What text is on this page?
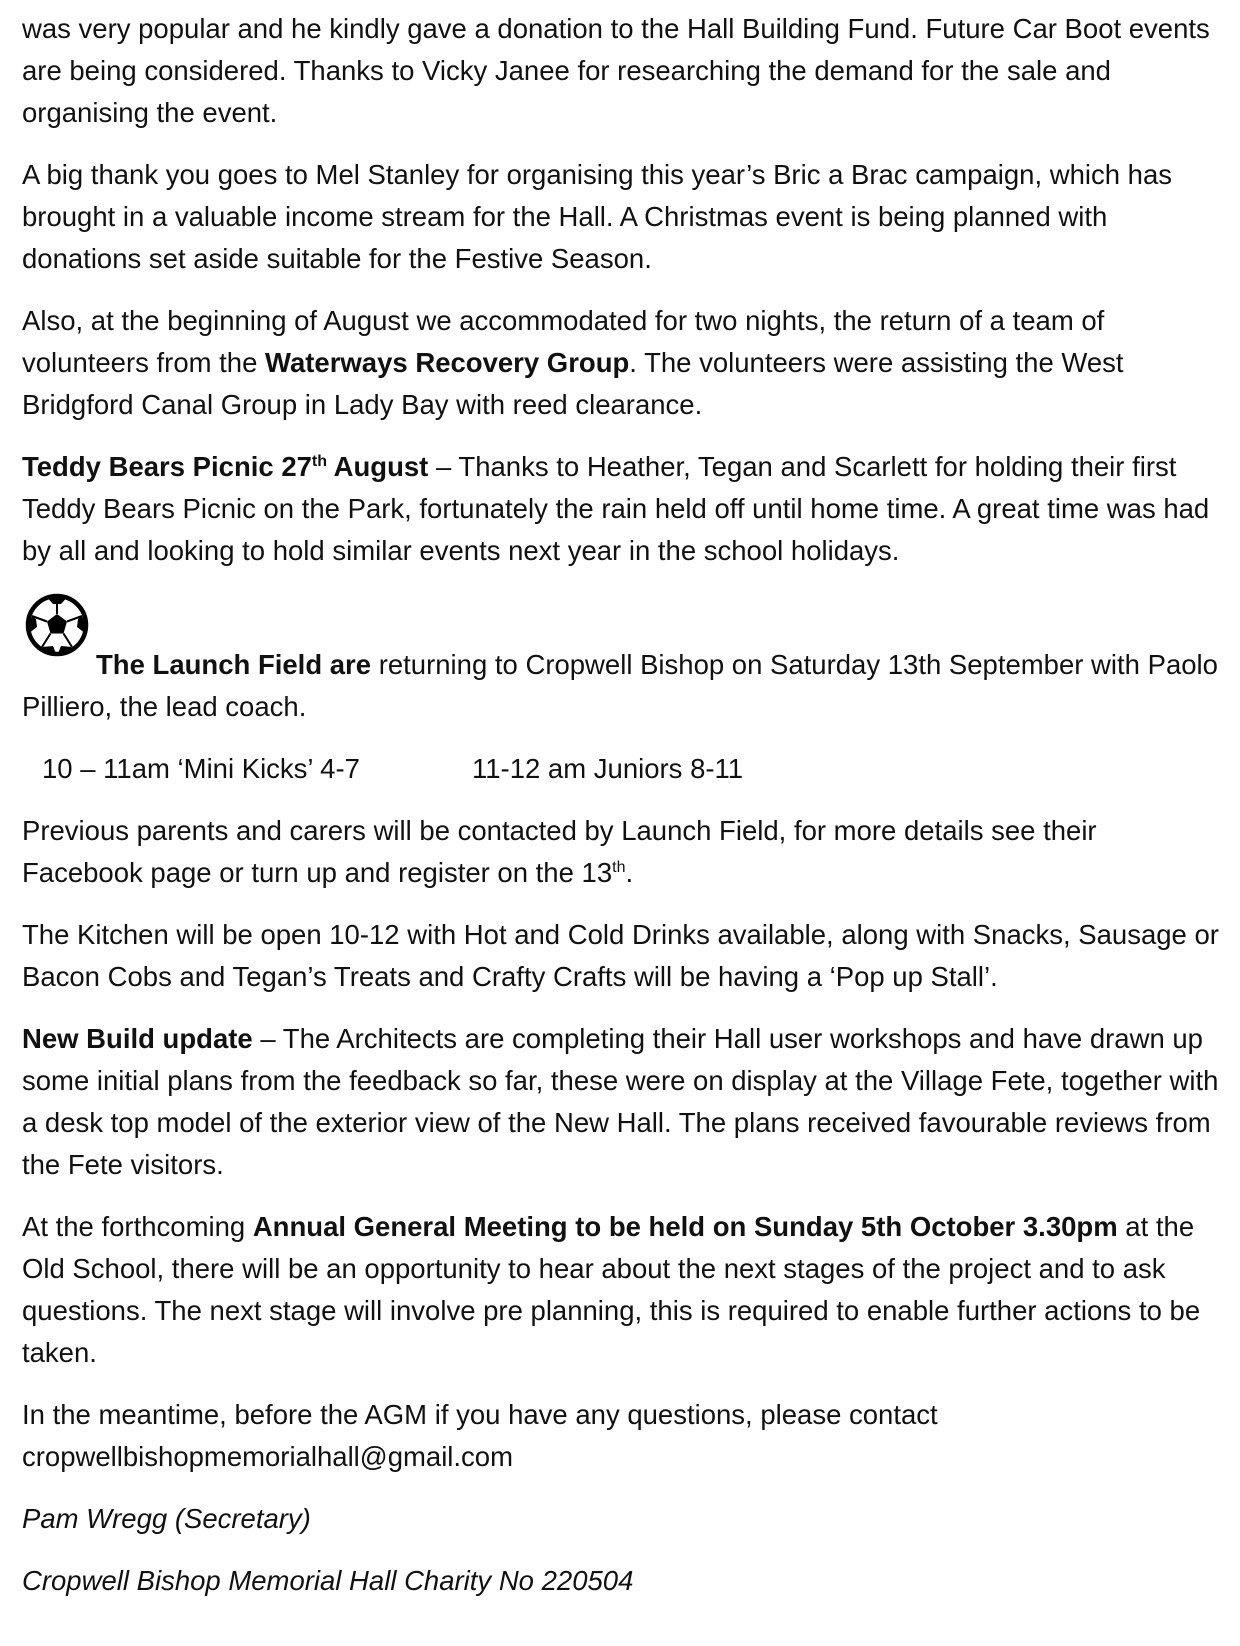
was very popular and he kindly gave a donation to the Hall Building Fund. Future Car Boot events are being considered. Thanks to Vicky Janee for researching the demand for the sale and organising the event.

A big thank you goes to Mel Stanley for organising this year’s Bric a Brac campaign, which has brought in a valuable income stream for the Hall. A Christmas event is being planned with donations set aside suitable for the Festive Season.

Also, at the beginning of August we accommodated for two nights, the return of a team of volunteers from the Waterways Recovery Group. The volunteers were assisting the West Bridgford Canal Group in Lady Bay with reed clearance.

Teddy Bears Picnic 27th August – Thanks to Heather, Tegan and Scarlett for holding their first Teddy Bears Picnic on the Park, fortunately the rain held off until home time. A great time was had by all and looking to hold similar events next year in the school holidays.

The Launch Field are returning to Cropwell Bishop on Saturday 13th September with Paolo Pilliero, the lead coach.

10 – 11am ‘Mini Kicks’ 4-7	11-12 am Juniors 8-11

Previous parents and carers will be contacted by Launch Field, for more details see their Facebook page or turn up and register on the 13th.

The Kitchen will be open 10-12 with Hot and Cold Drinks available, along with Snacks, Sausage or Bacon Cobs and Tegan’s Treats and Crafty Crafts will be having a ‘Pop up Stall’.

New Build update – The Architects are completing their Hall user workshops and have drawn up some initial plans from the feedback so far, these were on display at the Village Fete, together with a desk top model of the exterior view of the New Hall. The plans received favourable reviews from the Fete visitors.

At the forthcoming Annual General Meeting to be held on Sunday 5th October 3.30pm at the Old School, there will be an opportunity to hear about the next stages of the project and to ask questions. The next stage will involve pre planning, this is required to enable further actions to be taken.

In the meantime, before the AGM if you have any questions, please contact
cropwellbishopmemorialhall@gmail.com

Pam Wregg (Secretary)

Cropwell Bishop Memorial Hall Charity No 220504
